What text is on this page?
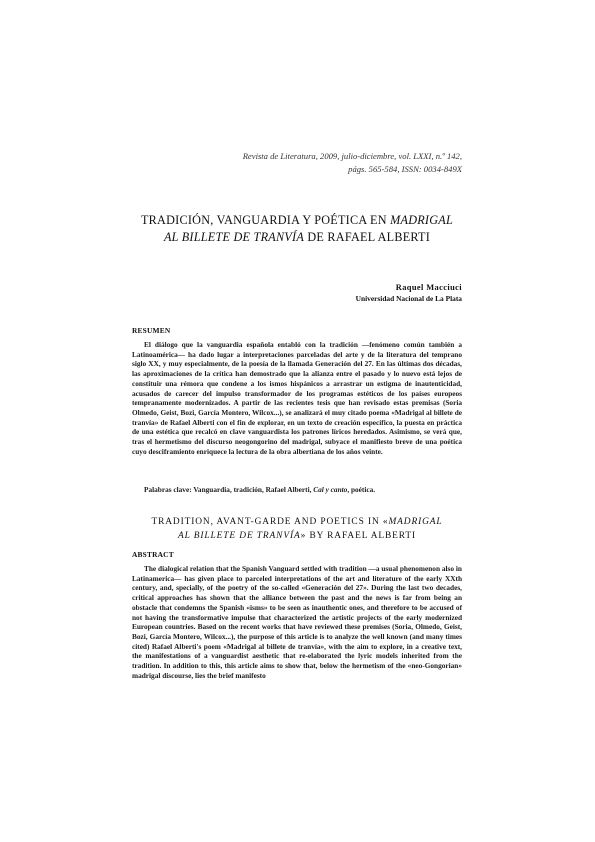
Revista de Literatura, 2009, julio-diciembre, vol. LXXI, n.º 142,
págs. 565-584, ISSN: 0034-849X
TRADICIÓN, VANGUARDIA Y POÉTICA EN MADRIGAL
AL BILLETE DE TRANVÍA DE RAFAEL ALBERTI
Raquel Macciuci
Universidad Nacional de La Plata
RESUMEN

El diálogo que la vanguardia española entabló con la tradición —fenómeno común también a Latinoamérica— ha dado lugar a interpretaciones parceladas del arte y de la literatura del temprano siglo XX, y muy especialmente, de la poesía de la llamada Generación del 27. En las últimas dos décadas, las aproximaciones de la crítica han demostrado que la alianza entre el pasado y lo nuevo está lejos de constituir una rémora que condene a los ismos hispánicos a arrastrar un estigma de inautenticidad, acusados de carecer del impulso transformador de los programas estéticos de los países europeos tempranamente modernizados. A partir de las recientes tesis que han revisado estas premisas (Soria Olmedo, Geist, Bozi, García Montero, Wilcox...), se analizará el muy citado poema «Madrigal al billete de tranvía» de Rafael Alberti con el fin de explorar, en un texto de creación específico, la puesta en práctica de una estética que recalcó en clave vanguardista los patrones líricos heredados. Asimismo, se verá que, tras el hermetismo del discurso neogongorino del madrigal, subyace el manifiesto breve de una poética cuyo desciframiento enriquece la lectura de la obra albertiana de los años veinte.

Palabras clave: Vanguardia, tradición, Rafael Alberti, Cal y canto, poética.
TRADITION, AVANT-GARDE AND POETICS IN «MADRIGAL
AL BILLETE DE TRANVÍA» BY RAFAEL ALBERTI
ABSTRACT

The dialogical relation that the Spanish Vanguard settled with tradition —a usual phenomenon also in Latinamerica— has given place to parceled interpretations of the art and literature of the early XXth century, and, specially, of the poetry of the so-called «Generación del 27». During the last two decades, critical approaches has shown that the alliance between the past and the news is far from being an obstacle that condemns the Spanish «isms» to be seen as inauthentic ones, and therefore to be accused of not having the transformative impulse that characterized the artistic projects of the early modernized European countries. Based on the recent works that have reviewed these premises (Soria, Olmedo, Geist, Bozi, García Montero, Wilcox...), the purpose of this article is to analyze the well known (and many times cited) Rafael Alberti's poem «Madrigal al billete de tranvía», with the aim to explore, in a creative text, the manifestations of a vanguardist aesthetic that re-elaborated the lyric models inherited from the tradition. In addition to this, this article aims to show that, below the hermetism of the «neo-Gongorian» madrigal discourse, lies the brief manifesto
